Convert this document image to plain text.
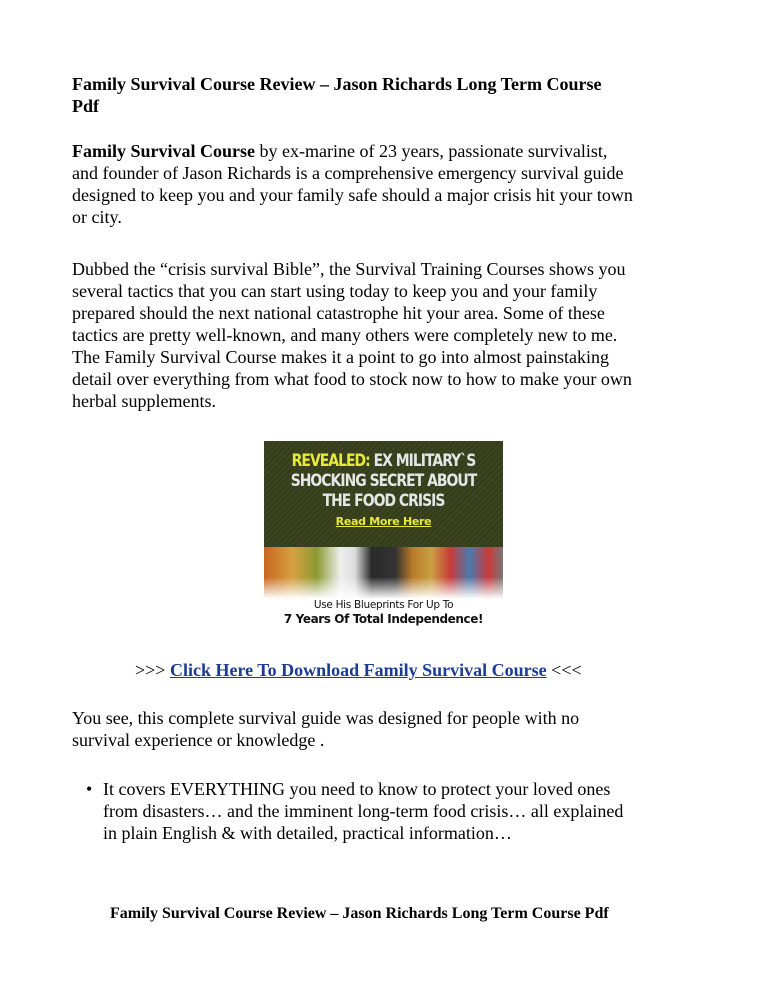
Family Survival Course Review – Jason Richards Long Term Course
Pdf
Family Survival Course by ex-marine of 23 years, passionate survivalist,
and founder of Jason Richards is a comprehensive emergency survival guide
designed to keep you and your family safe should a major crisis hit your town
or city.
Dubbed the “crisis survival Bible”, the Survival Training Courses shows you
several tactics that you can start using today to keep you and your family
prepared should the next national catastrophe hit your area. Some of these
tactics are pretty well-known, and many others were completely new to me.
The Family Survival Course makes it a point to go into almost painstaking
detail over everything from what food to stock now to how to make your own
herbal supplements.
REVEALED: EX MILITARY`S
SHOCKING SECRET ABOUT
THE FOOD CRISIS
Read More Here
Use His Blueprints For Up To
7 Years Of Total Independence!
>>> Click Here To Download Family Survival Course <<<
You see, this complete survival guide was designed for people with no
survival experience or knowledge .
• It covers EVERYTHING you need to know to protect your loved ones
from disasters… and the imminent long-term food crisis… all explained
in plain English & with detailed, practical information…
Family Survival Course Review – Jason Richards Long Term Course Pdf
